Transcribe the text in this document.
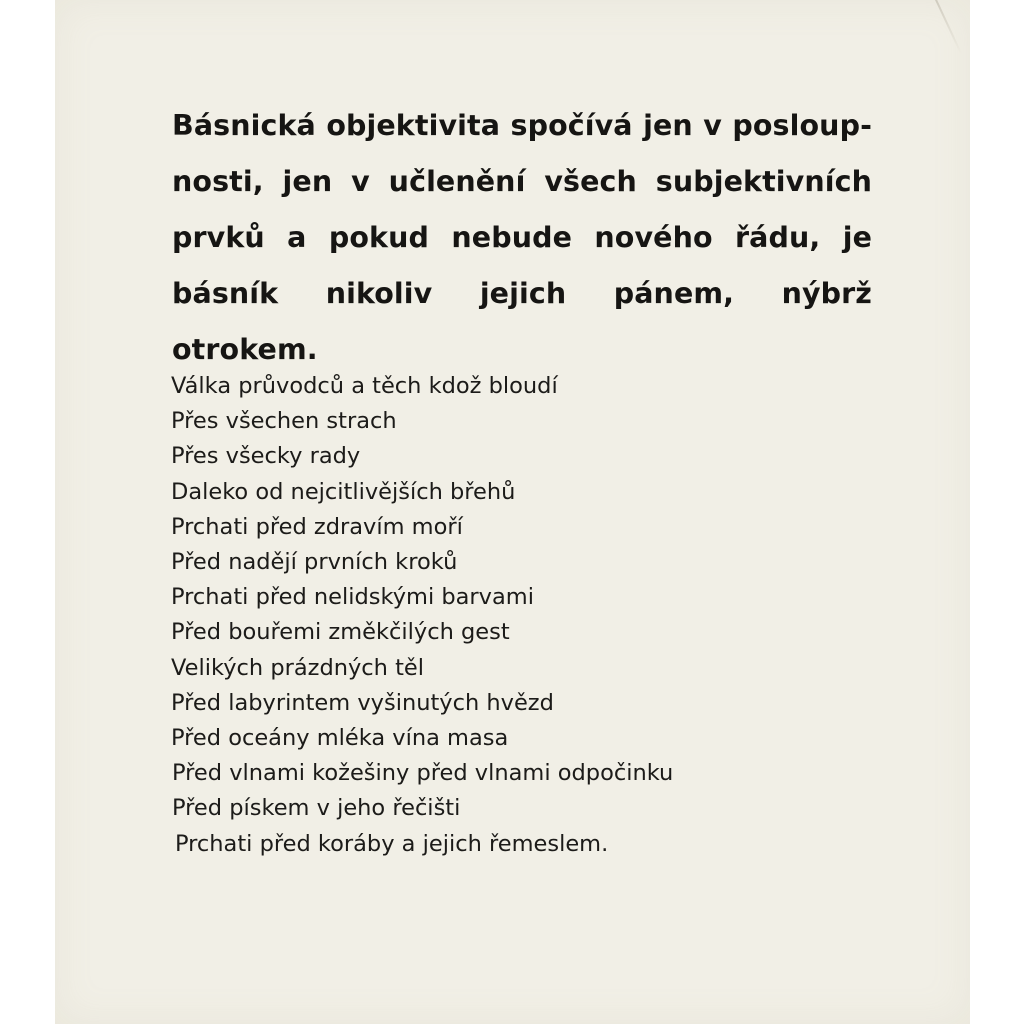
Básnická objektivita spočívá jen v posloup-
nosti, jen v učlenění všech subjektivních
prvků a pokud nebude nového řádu, je
básník nikoliv jejich pánem, nýbrž otrokem.

Válka průvodců a těch kdož bloudí
Přes všechen strach
Přes všecky rady
Daleko od nejcitlivějších břehů
Prchati před zdravím moří
Před nadějí prvních kroků
Prchati před nelidskými barvami
Před bouřemi změkčilých gest
Velikých prázdných těl
Před labyrintem vyšinutých hvězd
Před oceány mléka vína masa
Před vlnami kožešiny před vlnami odpočinku
Před pískem v jeho řečišti
Prchati před koráby a jejich řemeslem.
